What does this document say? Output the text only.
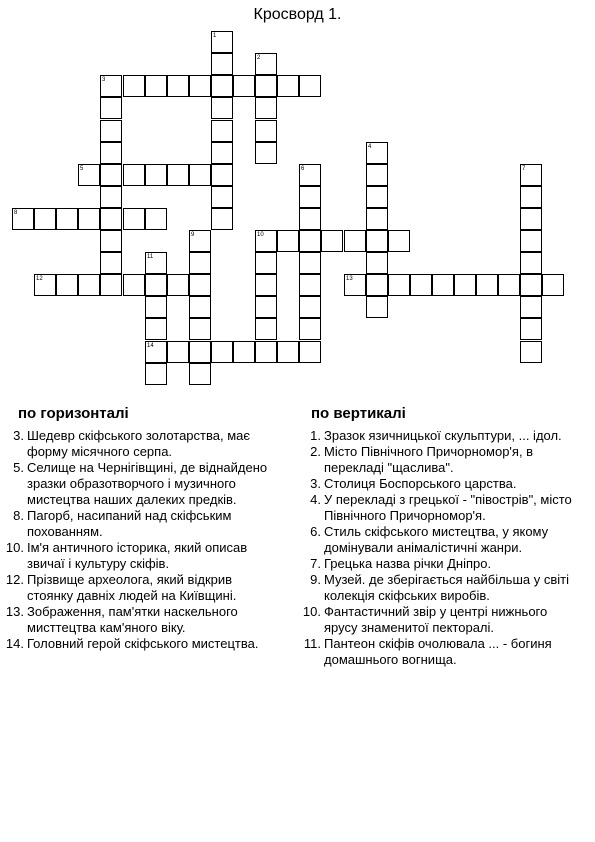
Кросворд 1.
1
2
3
5
8
4
6	7
9	10
11
14
12	13
по горизонталі	по вертикалі
3. Шедевр скіфського золотарства, має форму місячного серпа.
5. Селище на Чернігівщині, де віднайдено зразки образотворчого і музичного мистецтва наших далеких предків.
8. Пагорб, насипаний над скіфським похованням.
10. Ім'я античного історика, який описав звичаї і культуру скіфів.
12. Прізвище археолога, який відкрив стоянку давніх людей на Київщині.
13. Зображення, пам'ятки наскельного мисттецтва кам'яного віку.
14. Головний герой скіфського мистецтва.
1. Зразок язичницької скульптури, ... ідол.
2. Місто Північного Причорномор'я, в перекладі "щаслива".
3. Столиця Боспорського царства.
4. У перекладі з грецької - "півострів", місто Північного Причорномор'я.
6. Стиль скіфського мистецтва, у якому домінували анімалістичні жанри.
7. Грецька назва річки Дніпро.
9. Музей. де зберігається найбільша у світі колекція скіфських виробів.
10. Фантастичний звір у центрі нижнього ярусу знаменитої пекторалі.
11. Пантеон скіфів очолювала ... - богиня домашнього вогнища.
